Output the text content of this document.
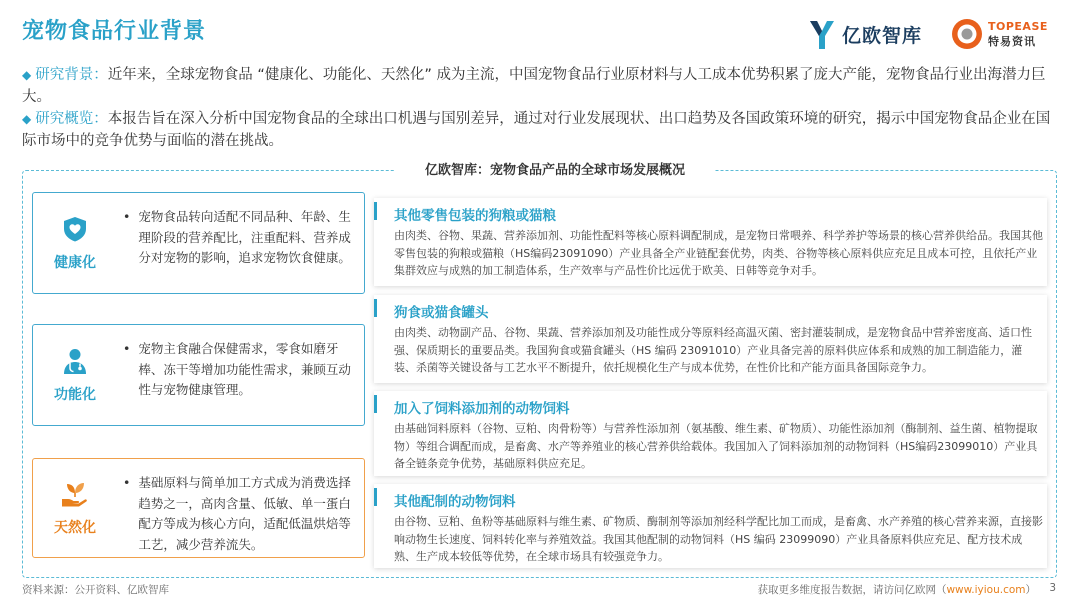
宠物食品行业背景	亿欧智库	TOPEASE
特易资讯
◆ 研究背景：近年来，全球宠物食品 “健康化、功能化、天然化” 成为主流，中国宠物食品行业原材料与人工成本优势积累了庞大产能，宠物食品行业出海潜力巨大。
◆ 研究概览：本报告旨在深入分析中国宠物食品的全球出口机遇与国别差异，通过对行业发展现状、出口趋势及各国政策环境的研究，揭示中国宠物食品企业在国际市场中的竞争优势与面临的潜在挑战。
亿欧智库：宠物食品产品的全球市场发展概况
健康化
• 宠物食品转向适配不同品种、年龄、生理阶段的营养配比，注重配料、营养成分对宠物的影响，追求宠物饮食健康。
功能化
• 宠物主食融合保健需求，零食如磨牙棒、冻干等增加功能性需求，兼顾互动性与宠物健康管理。
天然化
• 基础原料与简单加工方式成为消费选择趋势之一，高肉含量、低敏、单一蛋白配方等成为核心方向，适配低温烘焙等工艺，减少营养流失。
其他零售包装的狗粮或猫粮
由肉类、谷物、果蔬、营养添加剂、功能性配料等核心原料调配制成，是宠物日常喂养、科学养护等场景的核心营养供给品。我国其他零售包装的狗粮或猫粮（HS编码23091090）产业具备全产业链配套优势，肉类、谷物等核心原料供应充足且成本可控，且依托产业集群效应与成熟的加工制造体系，生产效率与产品性价比远优于欧美、日韩等竞争对手。
狗食或猫食罐头
由肉类、动物副产品、谷物、果蔬、营养添加剂及功能性成分等原料经高温灭菌、密封灌装制成，是宠物食品中营养密度高、适口性强、保质期长的重要品类。我国狗食或猫食罐头（HS 编码 23091010）产业具备完善的原料供应体系和成熟的加工制造能力，灌装、杀菌等关键设备与工艺水平不断提升，依托规模化生产与成本优势，在性价比和产能方面具备国际竞争力。
加入了饲料添加剂的动物饲料
由基础饲料原料（谷物、豆粕、肉骨粉等）与营养性添加剂（氨基酸、维生素、矿物质）、功能性添加剂（酶制剂、益生菌、植物提取物）等组合调配而成，是畜禽、水产等养殖业的核心营养供给载体。我国加入了饲料添加剂的动物饲料（HS编码23099010）产业具备全链条竞争优势，基础原料供应充足。
其他配制的动物饲料
由谷物、豆粕、鱼粉等基础原料与维生素、矿物质、酶制剂等添加剂经科学配比加工而成，是畜禽、水产养殖的核心营养来源，直接影响动物生长速度、饲料转化率与养殖效益。我国其他配制的动物饲料（HS 编码 23099090）产业具备原料供应充足、配方技术成熟、生产成本较低等优势，在全球市场具有较强竞争力。
资料来源：公开资料、亿欧智库	获取更多维度报告数据，请访问亿欧网（www.iyiou.com） 3
